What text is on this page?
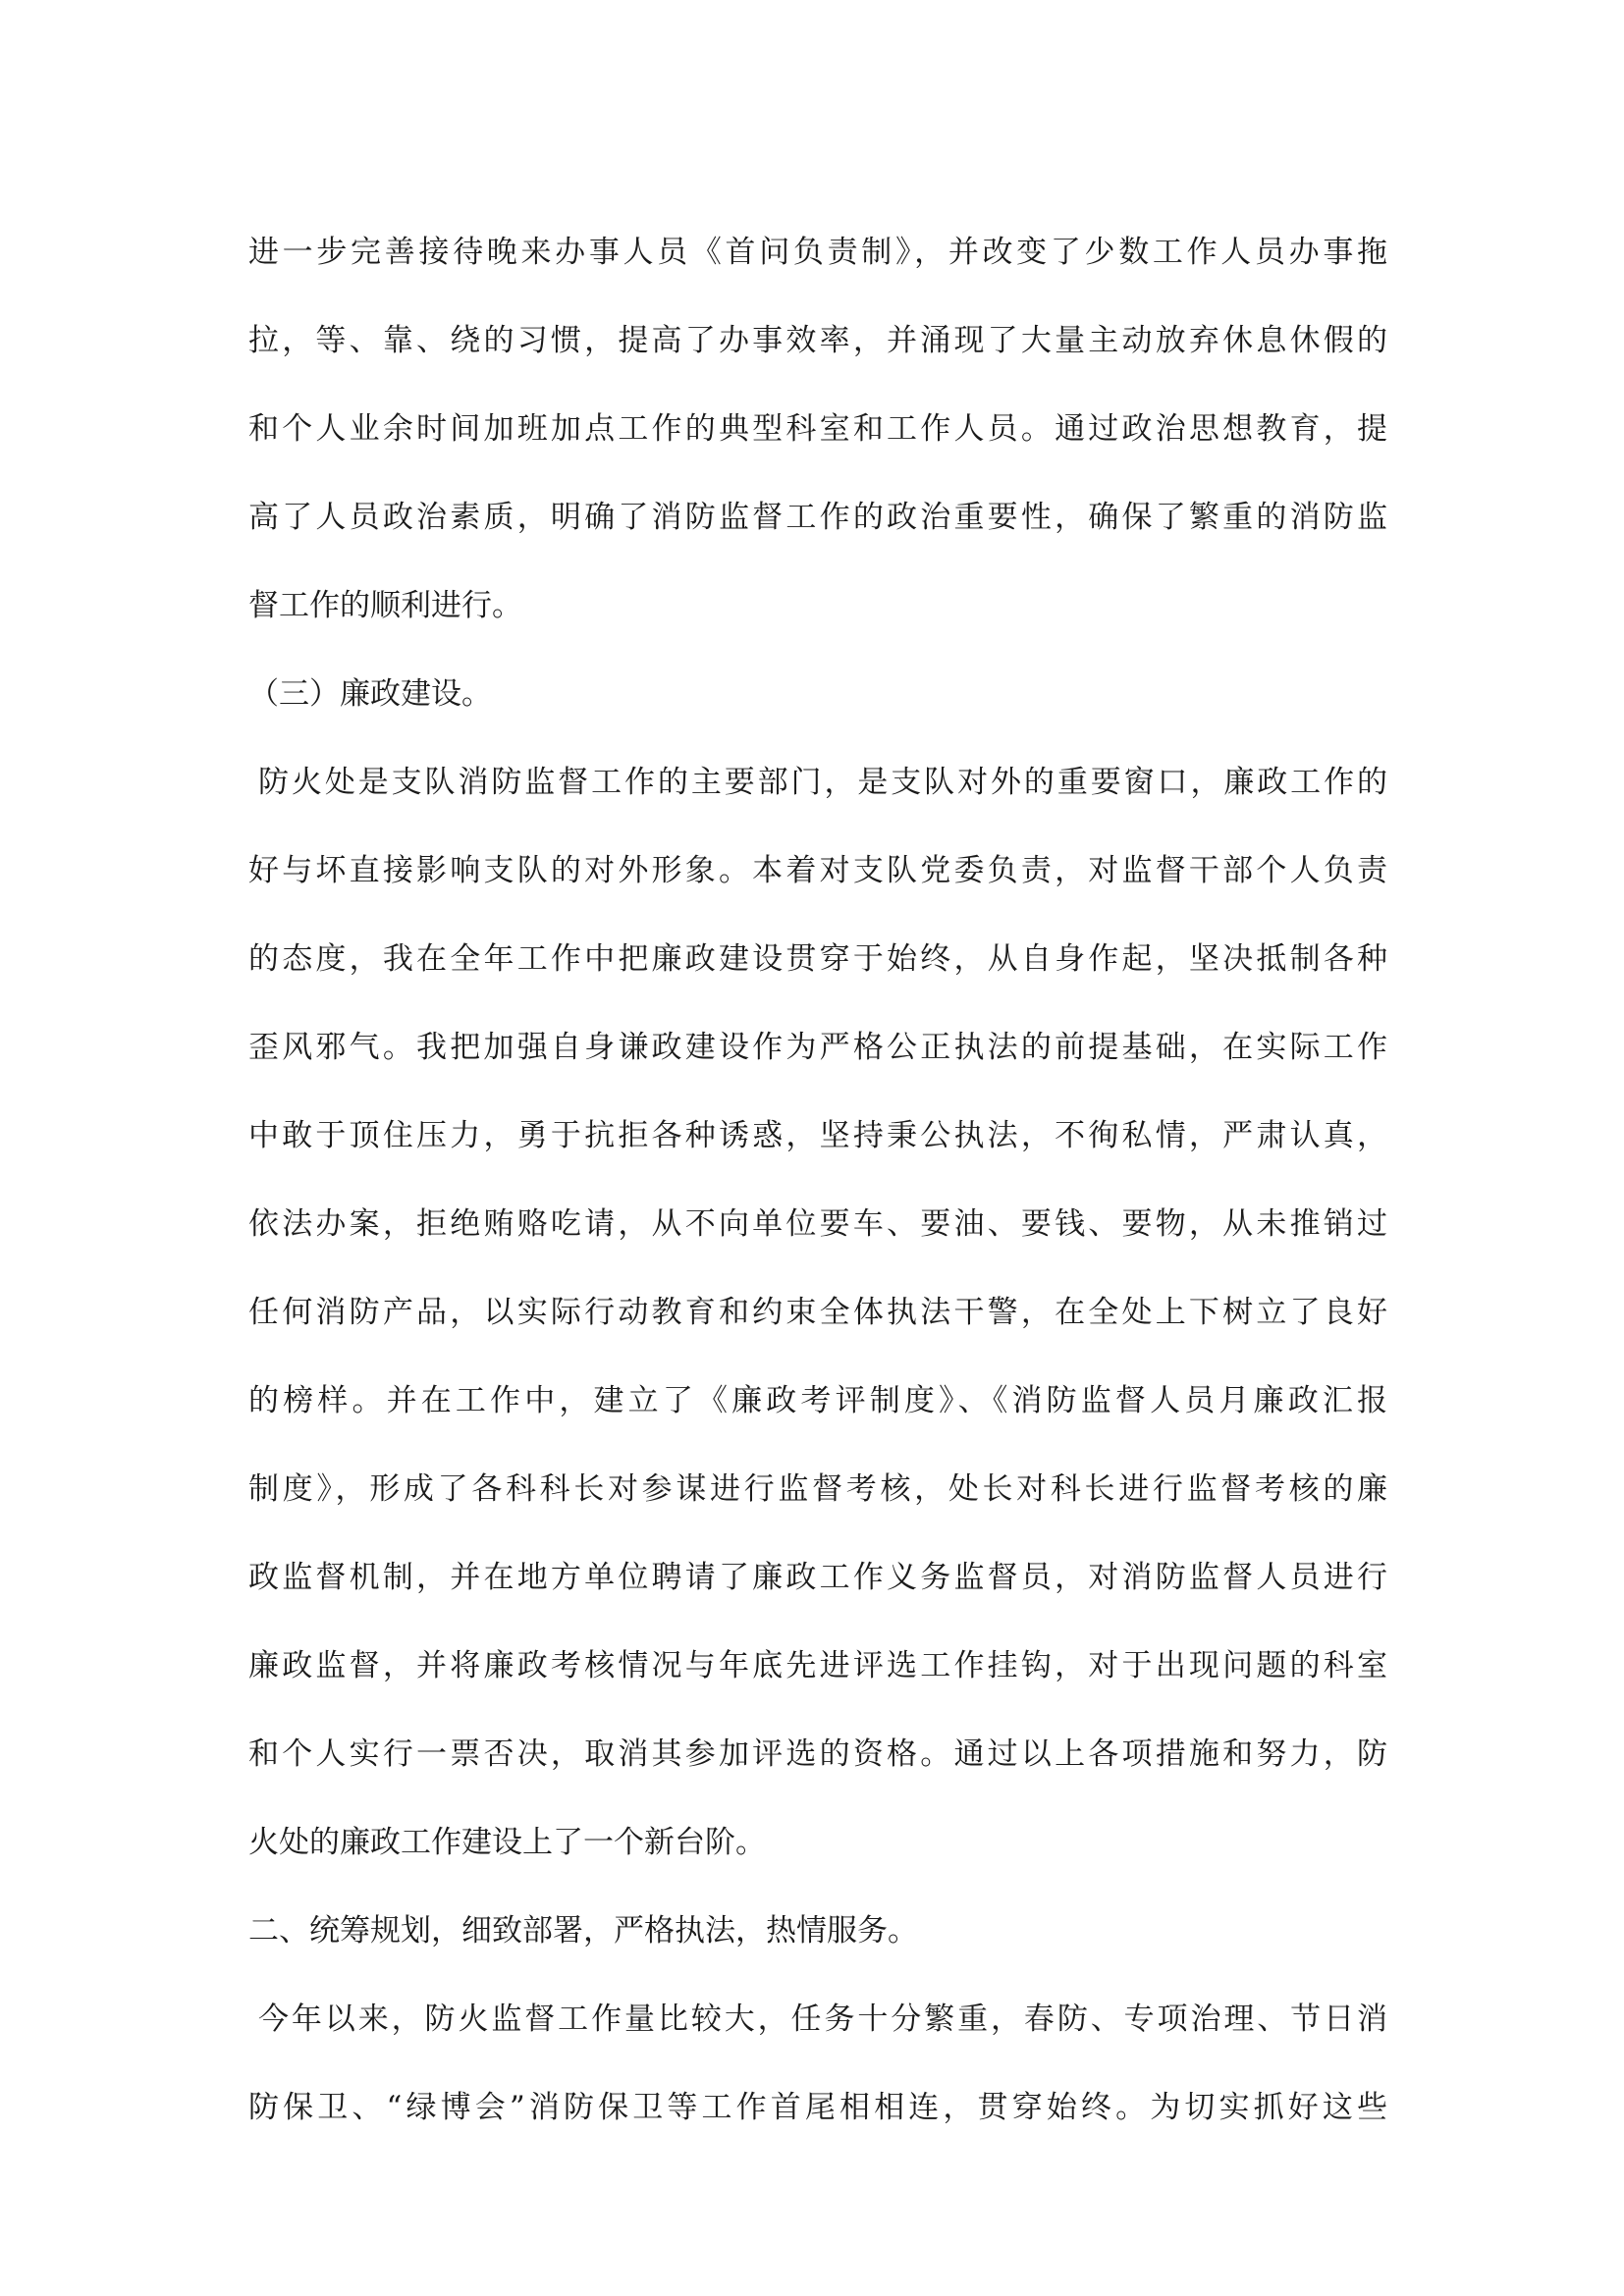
进一步完善接待晚来办事人员《首问负责制》，并改变了少数工作人员办事拖
拉，等、靠、绕的习惯，提高了办事效率，并涌现了大量主动放弃休息休假的
和个人业余时间加班加点工作的典型科室和工作人员。通过政治思想教育，提
高了人员政治素质，明确了消防监督工作的政治重要性，确保了繁重的消防监
督工作的顺利进行。
（三）廉政建设。
防火处是支队消防监督工作的主要部门，是支队对外的重要窗口，廉政工作的
好与坏直接影响支队的对外形象。本着对支队党委负责，对监督干部个人负责
的态度，我在全年工作中把廉政建设贯穿于始终，从自身作起，坚决抵制各种
歪风邪气。我把加强自身谦政建设作为严格公正执法的前提基础，在实际工作
中敢于顶住压力，勇于抗拒各种诱惑，坚持秉公执法，不徇私情，严肃认真，
依法办案，拒绝贿赂吃请，从不向单位要车、要油、要钱、要物，从未推销过
任何消防产品，以实际行动教育和约束全体执法干警，在全处上下树立了良好
的榜样。并在工作中，建立了《廉政考评制度》、《消防监督人员月廉政汇报
制度》，形成了各科科长对参谋进行监督考核，处长对科长进行监督考核的廉
政监督机制，并在地方单位聘请了廉政工作义务监督员，对消防监督人员进行
廉政监督，并将廉政考核情况与年底先进评选工作挂钩，对于出现问题的科室
和个人实行一票否决，取消其参加评选的资格。通过以上各项措施和努力，防
火处的廉政工作建设上了一个新台阶。
二、统筹规划，细致部署，严格执法，热情服务。
今年以来，防火监督工作量比较大，任务十分繁重，春防、专项治理、节日消
防保卫、“绿博会”消防保卫等工作首尾相相连，贯穿始终。为切实抓好这些
